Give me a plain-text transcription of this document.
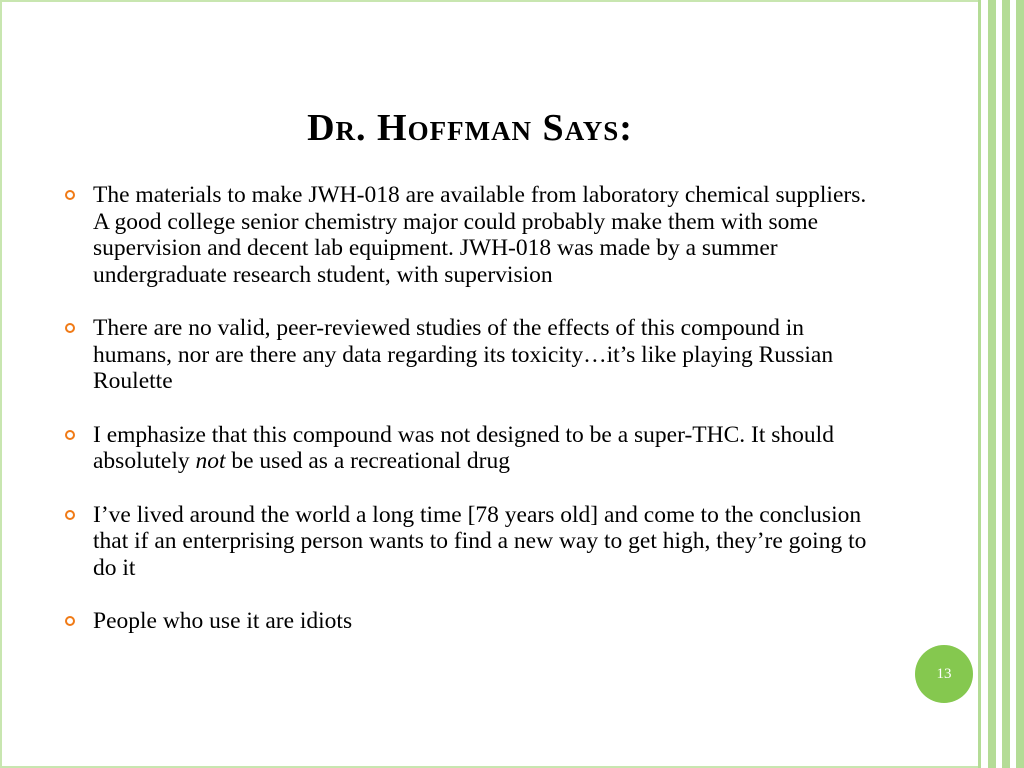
Dr. Hoffman Says:
The materials to make JWH-018 are available from laboratory chemical suppliers. A good college senior chemistry major could probably make them with some supervision and decent lab equipment. JWH-018 was made by a summer undergraduate research student, with supervision
There are no valid, peer-reviewed studies of the effects of this compound in humans, nor are there any data regarding its toxicity…it’s like playing Russian Roulette
I emphasize that this compound was not designed to be a super-THC. It should absolutely not be used as a recreational drug
I’ve lived around the world a long time [78 years old] and come to the conclusion that if an enterprising person wants to find a new way to get high, they’re going to do it
People who use it are idiots
13
